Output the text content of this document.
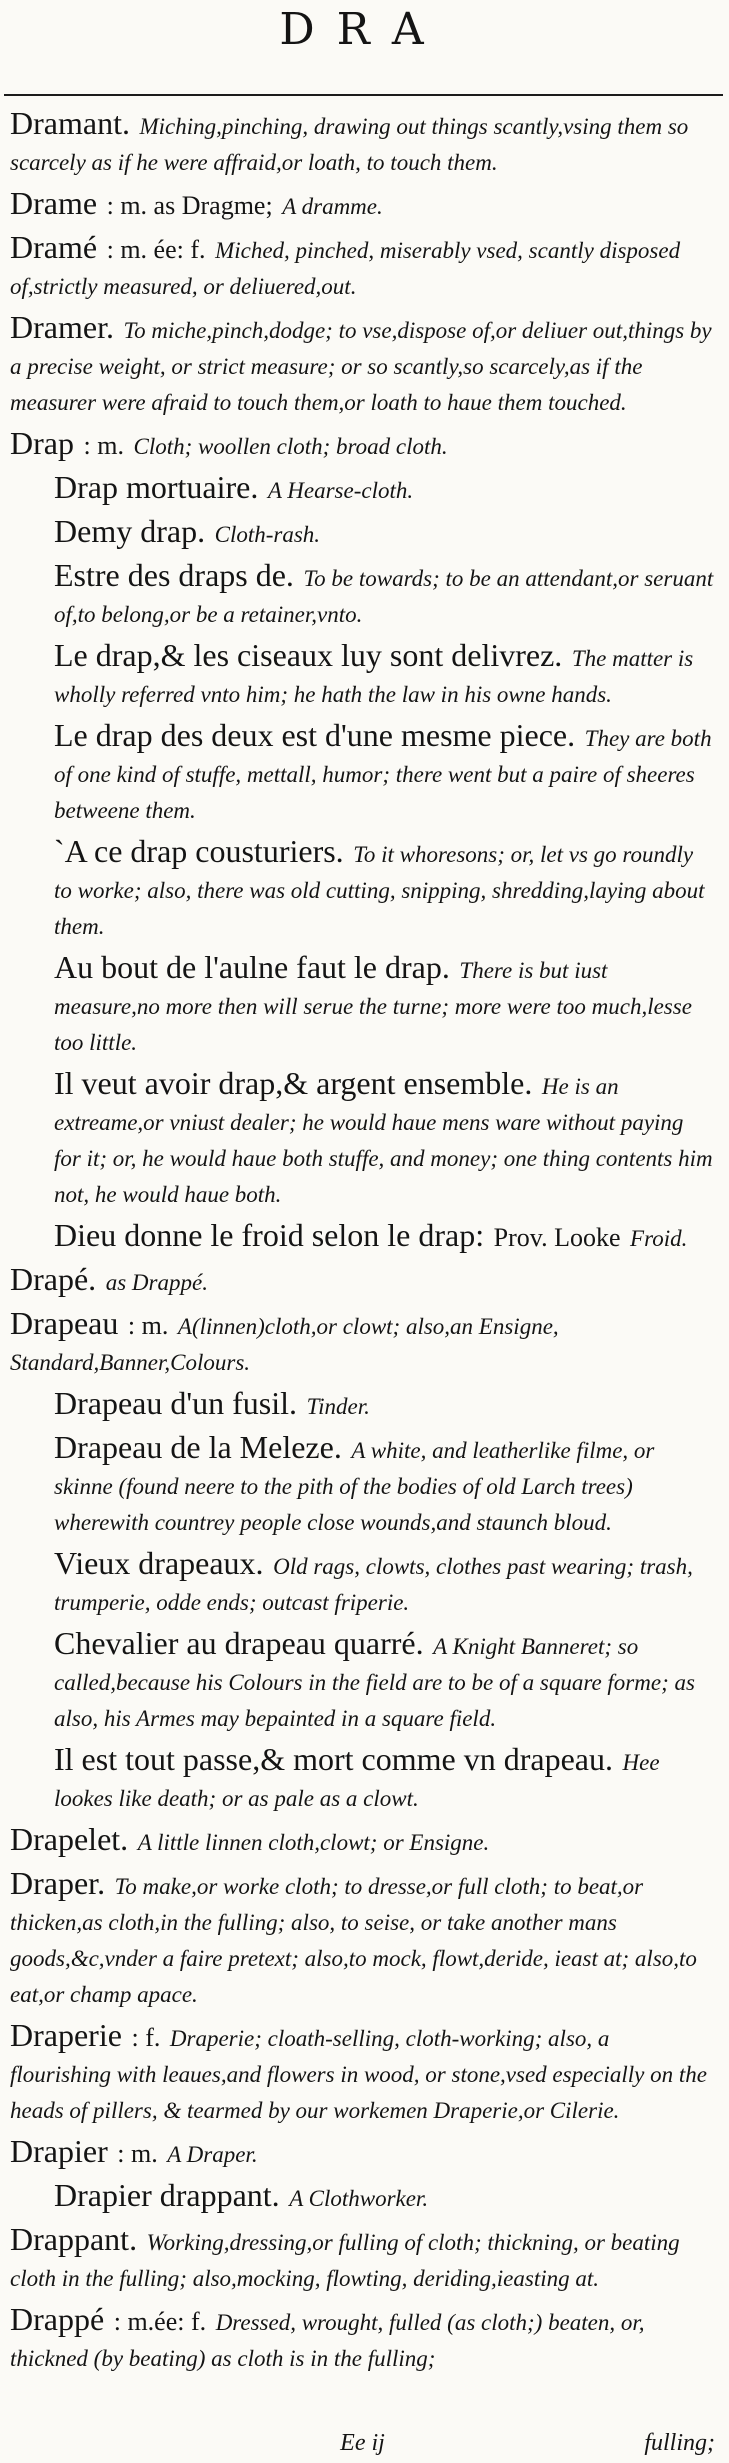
DRA

Dramant. Miching,pinching, drawing out things scantly,vsing them so scarcely as if he were affraid,or loath, to touch them.

Drame : m. as Dragme; A dramme.

Dramé : m. ée: f. Miched, pinched, miserably vsed, scantly disposed of,strictly measured, or deliuered,out.

Dramer. To miche,pinch,dodge; to vse,dispose of,or deliuer out,things by a precise weight, or strict measure; or so scantly,so scarcely,as if the measurer were afraid to touch them,or loath to haue them touched.

Drap : m. Cloth; woollen cloth; broad cloth.

Drap mortuaire. A Hearse-cloth.

Demy drap. Cloth-rash.

Estre des draps de. To be towards; to be an attendant,or seruant of,to belong,or be a retainer,vnto.

Le drap,& les ciseaux luy sont delivrez. The matter is wholly referred vnto him; he hath the law in his owne hands.

Le drap des deux est d'une mesme piece. They are both of one kind of stuffe, mettall, humor; there went but a paire of sheeres betweene them.

`A ce drap cousturiers. To it whoresons; or, let vs go roundly to worke; also, there was old cutting, snipping, shredding,laying about them.

Au bout de l'aulne faut le drap. There is but iust measure,no more then will serue the turne; more were too much,lesse too little.

Il veut avoir drap,& argent ensemble. He is an extreame,or vniust dealer; he would haue mens ware without paying for it; or, he would haue both stuffe, and money; one thing contents him not, he would haue both.

Dieu donne le froid selon le drap: Prov. Looke Froid.

Drapé. as Drappé.

Drapeau : m. A(linnen)cloth,or clowt; also,an Ensigne, Standard,Banner,Colours.

Drapeau d'un fusil. Tinder.

Drapeau de la Meleze. A white, and leatherlike filme, or skinne (found neere to the pith of the bodies of old Larch trees) wherewith countrey people close wounds,and staunch bloud.

Vieux drapeaux. Old rags, clowts, clothes past wearing; trash, trumperie, odde ends; outcast friperie.

Chevalier au drapeau quarré. A Knight Banneret; so called,because his Colours in the field are to be of a square forme; as also, his Armes may bepainted in a square field.

Il est tout passe,& mort comme vn drapeau. Hee lookes like death; or as pale as a clowt.

Drapelet. A little linnen cloth,clowt; or Ensigne.

Draper. To make,or worke cloth; to dresse,or full cloth; to beat,or thicken,as cloth,in the fulling; also, to seise, or take another mans goods,&c,vnder a faire pretext; also,to mock, flowt,deride, ieast at; also,to eat,or champ apace.

Draperie : f. Draperie; cloath-selling, cloth-working; also, a flourishing with leaues,and flowers in wood, or stone,vsed especially on the heads of pillers, & tearmed by our workemen Draperie,or Cilerie.

Drapier : m. A Draper.

Drapier drappant. A Clothworker.

Drappant. Working,dressing,or fulling of cloth; thickning, or beating cloth in the fulling; also,mocking, flowting, deriding,ieasting at.

Drappé : m.ée: f. Dressed, wrought, fulled (as cloth;) beaten, or, thickned (by beating) as cloth is in the fulling;

Ee ij	fulling;
